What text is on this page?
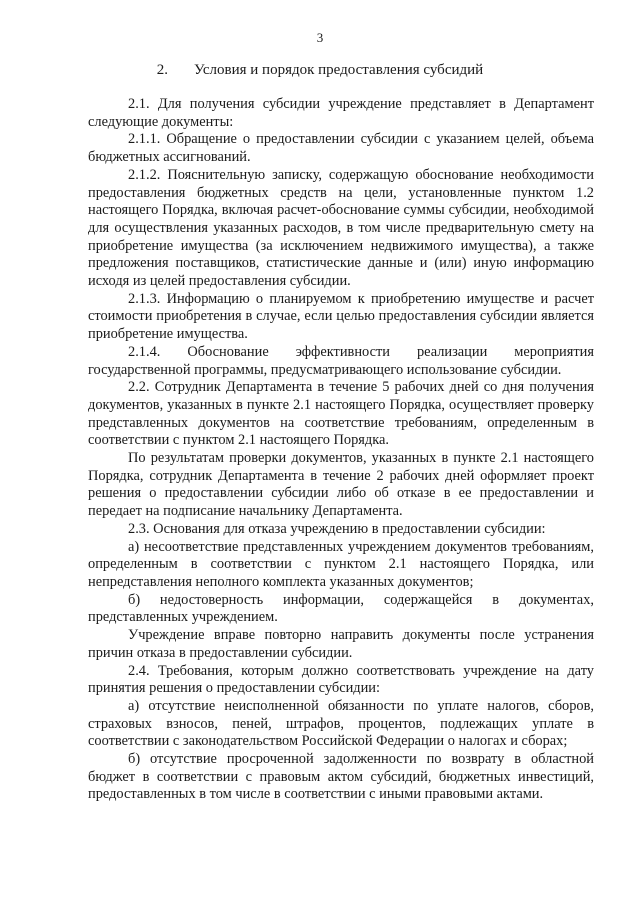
3
2. Условия и порядок предоставления субсидий

2.1. Для получения субсидии учреждение представляет в Департамент следующие документы:

2.1.1. Обращение о предоставлении субсидии с указанием целей, объема бюджетных ассигнований.

2.1.2. Пояснительную записку, содержащую обоснование необходимости предоставления бюджетных средств на цели, установленные пунктом 1.2 настоящего Порядка, включая расчет-обоснование суммы субсидии, необходимой для осуществления указанных расходов, в том числе предварительную смету на приобретение имущества (за исключением недвижимого имущества), а также предложения поставщиков, статистические данные и (или) иную информацию исходя из целей предоставления субсидии.

2.1.3. Информацию о планируемом к приобретению имуществе и расчет стоимости приобретения в случае, если целью предоставления субсидии является приобретение имущества.

2.1.4. Обоснование эффективности реализации мероприятия государственной программы, предусматривающего использование субсидии.

2.2. Сотрудник Департамента в течение 5 рабочих дней со дня получения документов, указанных в пункте 2.1 настоящего Порядка, осуществляет проверку представленных документов на соответствие требованиям, определенным в соответствии с пунктом 2.1 настоящего Порядка.

По результатам проверки документов, указанных в пункте 2.1 настоящего Порядка, сотрудник Департамента в течение 2 рабочих дней оформляет проект решения о предоставлении субсидии либо об отказе в ее предоставлении и передает на подписание начальнику Департамента.

2.3. Основания для отказа учреждению в предоставлении субсидии:

а) несоответствие представленных учреждением документов требованиям, определенным в соответствии с пунктом 2.1 настоящего Порядка, или непредставления неполного комплекта указанных документов;

б) недостоверность информации, содержащейся в документах, представленных учреждением.

Учреждение вправе повторно направить документы после устранения причин отказа в предоставлении субсидии.

2.4. Требования, которым должно соответствовать учреждение на дату принятия решения о предоставлении субсидии:

а) отсутствие неисполненной обязанности по уплате налогов, сборов, страховых взносов, пеней, штрафов, процентов, подлежащих уплате в соответствии с законодательством Российской Федерации о налогах и сборах;

б) отсутствие просроченной задолженности по возврату в областной бюджет в соответствии с правовым актом субсидий, бюджетных инвестиций, предоставленных в том числе в соответствии с иными правовыми актами.
